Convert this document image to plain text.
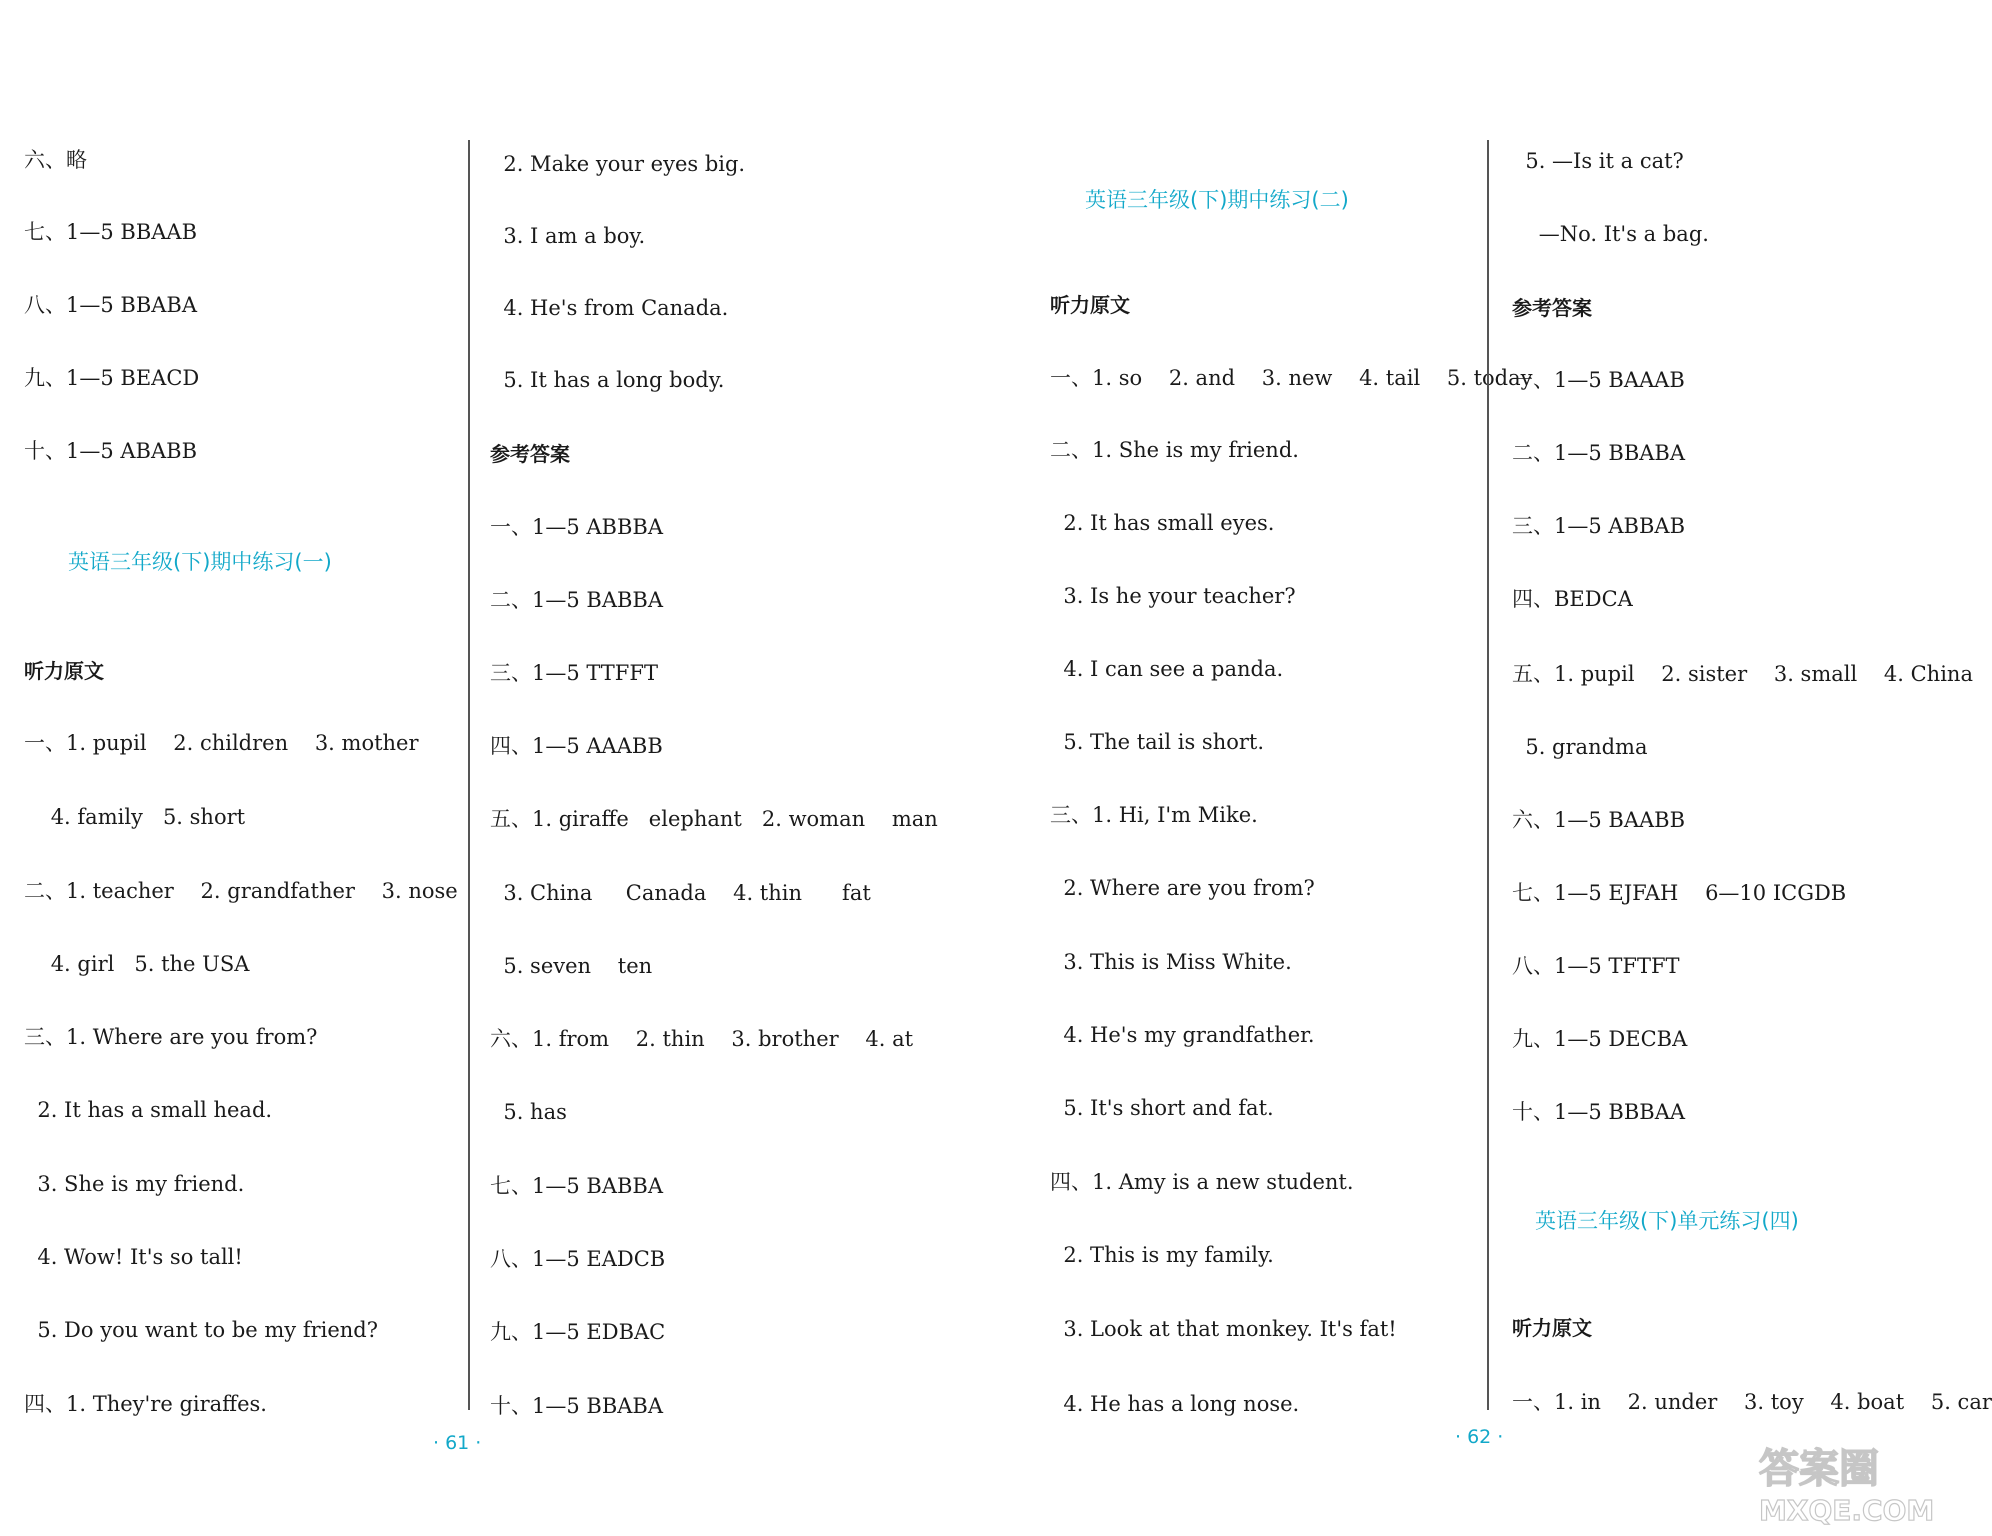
六、略
七、1—5 BBAAB
八、1—5 BBABA
九、1—5 BEACD
十、1—5 ABABB
英语三年级(下)期中练习(一)
听力原文
一、1. pupil    2. children    3. mother
4. family   5. short
二、1. teacher    2. grandfather    3. nose
4. girl   5. the USA
三、1. Where are you from?
2. It has a small head.
3. She is my friend.
4. Wow! It's so tall!
5. Do you want to be my friend?
四、1. They're giraffes.
2. Make your eyes big.
3. I am a boy.
4. He's from Canada.
5. It has a long body.
参考答案
一、1—5 ABBBA
二、1—5 BABBA
三、1—5 TTFFT
四、1—5 AAABB
五、1. giraffe   elephant   2. woman    man
3. China     Canada    4. thin      fat
5. seven    ten
六、1. from    2. thin    3. brother    4. at
5. has
七、1—5 BABBA
八、1—5 EADCB
九、1—5 EDBAC
十、1—5 BBABA
英语三年级(下)期中练习(二)
听力原文
一、1. so    2. and    3. new    4. tail    5. today
二、1. She is my friend.
2. It has small eyes.
3. Is he your teacher?
4. I can see a panda.
5. The tail is short.
三、1. Hi, I'm Mike.
2. Where are you from?
3. This is Miss White.
4. He's my grandfather.
5. It's short and fat.
四、1. Amy is a new student.
2. This is my family.
3. Look at that monkey. It's fat!
4. He has a long nose.
5. —Is it a cat?
—No. It's a bag.
参考答案
一、1—5 BAAAB
二、1—5 BBABA
三、1—5 ABBAB
四、BEDCA
五、1. pupil    2. sister    3. small    4. China
5. grandma
六、1—5 BAABB
七、1—5 EJFAH    6—10 ICGDB
八、1—5 TFTFT
九、1—5 DECBA
十、1—5 BBBAA
英语三年级(下)单元练习(四)
听力原文
一、1. in    2. under    3. toy    4. boat    5. car
· 61 ·	· 62 ·
答案圈
MXQE.COM
